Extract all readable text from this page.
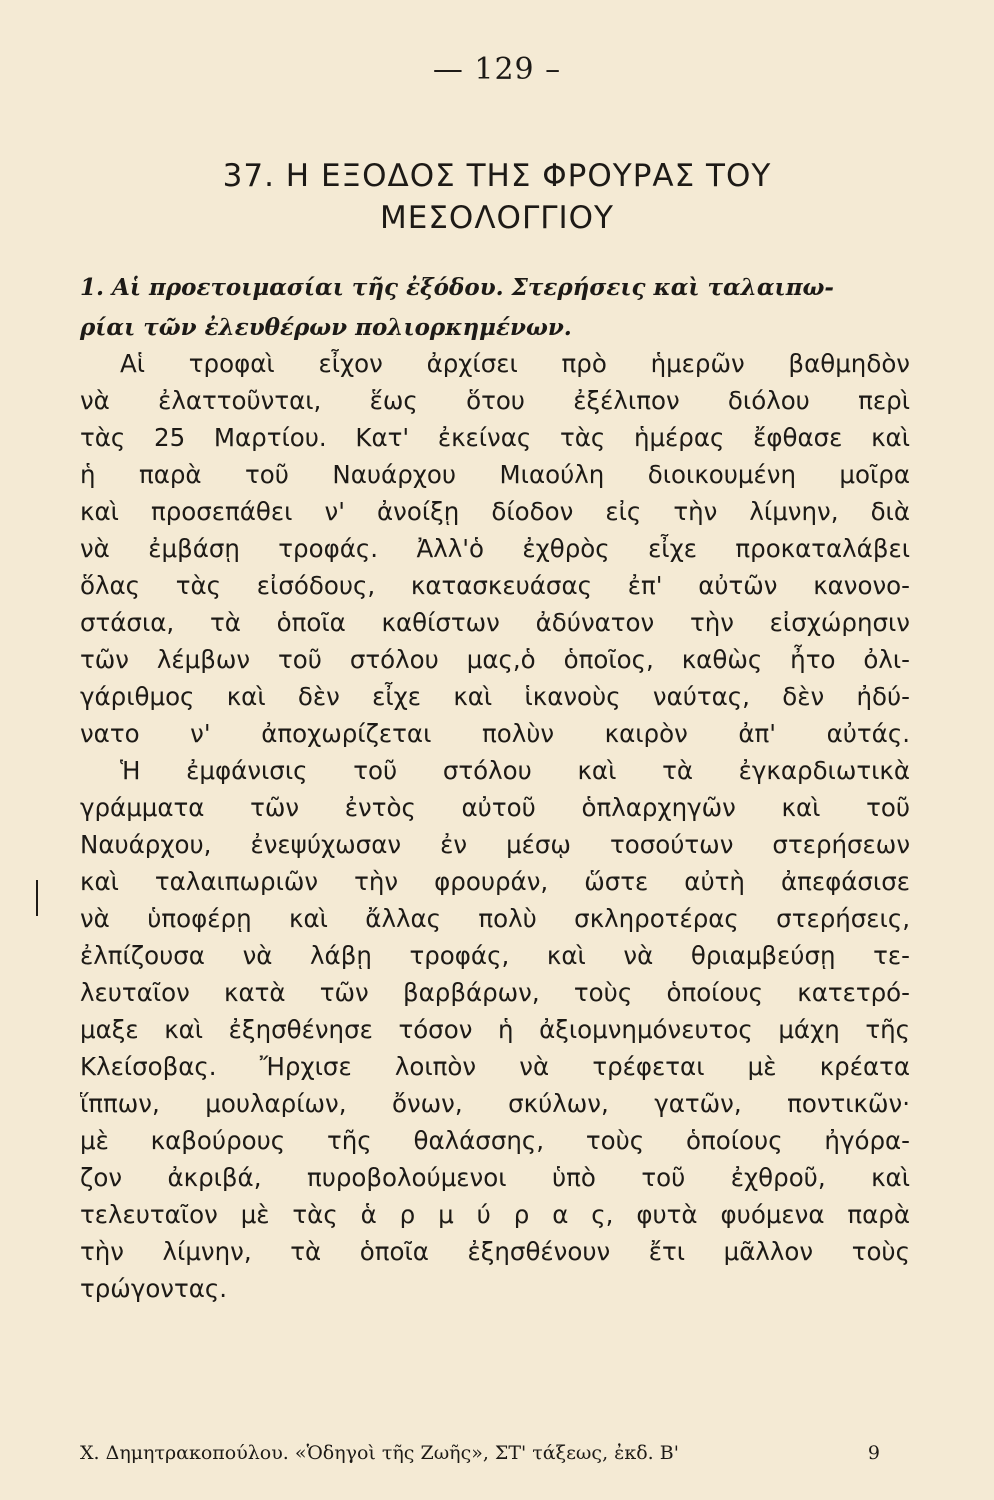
— 129 –
37. Η ΕΞΟΔΟΣ ΤΗΣ ΦΡΟΥΡΑΣ ΤΟΥ
ΜΕΣΟΛΟΓΓΙΟΥ
1. Αἱ προετοιμασίαι τῆς ἐξόδου. Στερήσεις καὶ ταλαιπω-
ρίαι τῶν ἐλευθέρων πολιορκημένων.
Αἱ τροφαὶ εἶχον ἀρχίσει πρὸ ἡμερῶν βαθμηδὸν
νὰ ἐλαττοῦνται, ἕως ὅτου ἐξέλιπον διόλου περὶ
τὰς 25 Μαρτίου. Κατ' ἐκείνας τὰς ἡμέρας ἔφθασε καὶ
ἡ παρὰ τοῦ Ναυάρχου Μιαούλη διοικουμένη μοῖρα
καὶ προσεπάθει ν' ἀνοίξῃ δίοδον εἰς τὴν λίμνην, διὰ
νὰ ἐμβάσῃ τροφάς. Ἀλλ'ὁ ἐχθρὸς εἶχε προκαταλάβει
ὅλας τὰς εἰσόδους, κατασκευάσας ἐπ' αὐτῶν κανονο-
στάσια, τὰ ὁποῖα καθίστων ἀδύνατον τὴν εἰσχώρησιν
τῶν λέμβων τοῦ στόλου μας,ὁ ὁποῖος, καθὼς ἦτο ὀλι-
γάριθμος καὶ δὲν εἶχε καὶ ἱκανοὺς ναύτας, δὲν ἠδύ-
νατο ν' ἀποχωρίζεται πολὺν καιρὸν ἀπ' αὐτάς.
Ἡ ἐμφάνισις τοῦ στόλου καὶ τὰ ἐγκαρδιωτικὰ
γράμματα τῶν ἐντὸς αὐτοῦ ὁπλαρχηγῶν καὶ τοῦ
Ναυάρχου, ἐνεψύχωσαν ἐν μέσῳ τοσούτων στερήσεων
καὶ ταλαιπωριῶν τὴν φρουράν, ὥστε αὐτὴ ἀπεφάσισε
νὰ ὑποφέρῃ καὶ ἄλλας πολὺ σκληροτέρας στερήσεις,
ἐλπίζουσα νὰ λάβῃ τροφάς, καὶ νὰ θριαμβεύσῃ τε-
λευταῖον κατὰ τῶν βαρβάρων, τοὺς ὁποίους κατετρό-
μαξε καὶ ἐξησθένησε τόσον ἡ ἀξιομνημόνευτος μάχη τῆς
Κλείσοβας. Ἤρχισε λοιπὸν νὰ τρέφεται μὲ κρέατα
ἵππων, μουλαρίων, ὄνων, σκύλων, γατῶν, ποντικῶν·
μὲ καβούρους τῆς θαλάσσης, τοὺς ὁποίους ἠγόρα-
ζον ἀκριβά, πυροβολούμενοι ὑπὸ τοῦ ἐχθροῦ, καὶ
τελευταῖον μὲ τὰς ἁ ρ μ ύ ρ α ς, φυτὰ φυόμενα παρὰ
τὴν λίμνην, τὰ ὁποῖα ἐξησθένουν ἔτι μᾶλλον τοὺς
τρώγοντας.
Χ. Δημητρακοπούλου. «Ὁδηγοὶ τῆς Ζωῆς», ΣΤ' τάξεως, ἐκδ. Β'	9
